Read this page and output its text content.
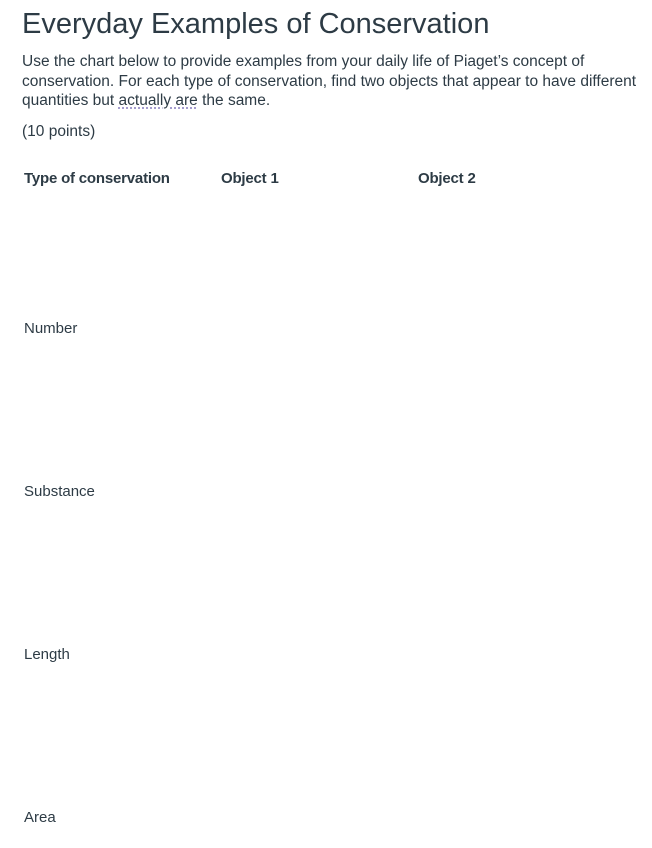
Everyday Examples of Conservation

Use the chart below to provide examples from your daily life of Piaget’s concept of conservation. For each type of conservation, find two objects that appear to have different quantities but actually are the same.

(10 points)

Type of conservation	Object 1	Object 2
Number		
Substance		
Length		
Area		
